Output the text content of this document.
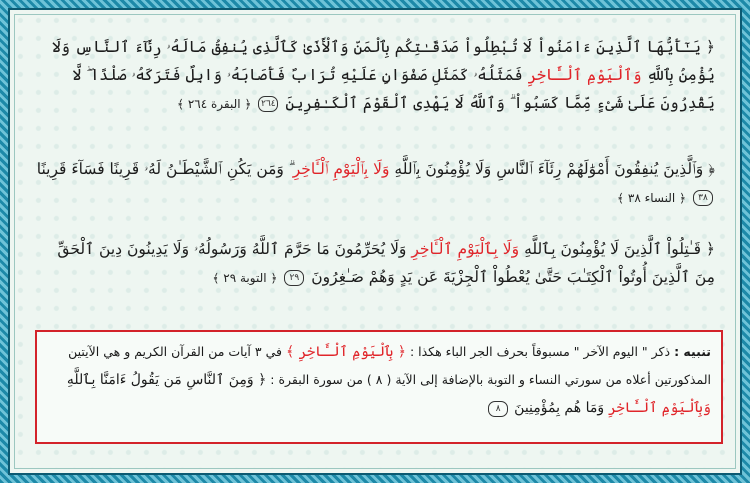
﴿ يَـٰٓأَيُّهَا ٱلَّذِينَ ءَامَنُواْ لَا تُبْطِلُواْ صَدَقَـٰتِكُم بِٱلْمَنِّ وَٱلْأَذَىٰ كَٱلَّذِى يُنفِقُ مَالَهُۥ رِئَآءَ ٱلنَّاسِ وَلَا يُؤْمِنُ بِٱللَّهِ وَٱلْيَوْمِ ٱلْـَٔاخِرِ فَمَثَلُهُۥ كَمَثَلِ صَفْوَانٍ عَلَيْهِ تُرَابٌ فَأَصَابَهُۥ وَابِلٌ فَتَرَكَهُۥ صَلْدًا ۖ لَّا يَقْدِرُونَ عَلَىٰ شَىْءٍ مِّمَّا كَسَبُواْ ۗ وَٱللَّهُ لَا يَهْدِى ٱلْقَوْمَ ٱلْكَـٰفِرِينَ ٢٦٤ ﴿ البقرة ٢٦٤ ﴾
﴿ وَٱلَّذِينَ يُنفِقُونَ أَمْوَٰلَهُمْ رِئَآءَ ٱلنَّاسِ وَلَا يُؤْمِنُونَ بِٱللَّهِ وَلَا بِٱلْيَوْمِ ٱلْـَٔاخِرِ ۗ وَمَن يَكُنِ ٱلشَّيْطَـٰنُ لَهُۥ قَرِينًا فَسَآءَ قَرِينًا ٣٨ ﴿ النساء ٣٨ ﴾
﴿ قَـٰتِلُواْ ٱلَّذِينَ لَا يُؤْمِنُونَ بِٱللَّهِ وَلَا بِٱلْيَوْمِ ٱلْـَٔاخِرِ وَلَا يُحَرِّمُونَ مَا حَرَّمَ ٱللَّهُ وَرَسُولُهُۥ وَلَا يَدِينُونَ دِينَ ٱلْحَقِّ مِنَ ٱلَّذِينَ أُوتُواْ ٱلْكِتَـٰبَ حَتَّىٰ يُعْطُواْ ٱلْجِزْيَةَ عَن يَدٍ وَهُمْ صَـٰغِرُونَ ٢٩ ﴿ التوبة ٢٩ ﴾
تنبيه : ذكر " اليوم الآخر " مسبوقاً بحرف الجر الباء هكذا : ﴿ بِٱلْيَوْمِ ٱلْـَٔاخِرِ ﴾ في ٣ آيات من القرآن الكريم و هي الآيتين المذكورتين أعلاه من سورتي النساء و التوبة بالإضافة إلى الآية ( ٨ ) من سورة البقرة : ﴿ وَمِنَ ٱلنَّاسِ مَن يَقُولُ ءَامَنَّا بِٱللَّهِ وَبِٱلْيَوْمِ ٱلْـَٔاخِرِ وَمَا هُم بِمُؤْمِنِينَ ٨
